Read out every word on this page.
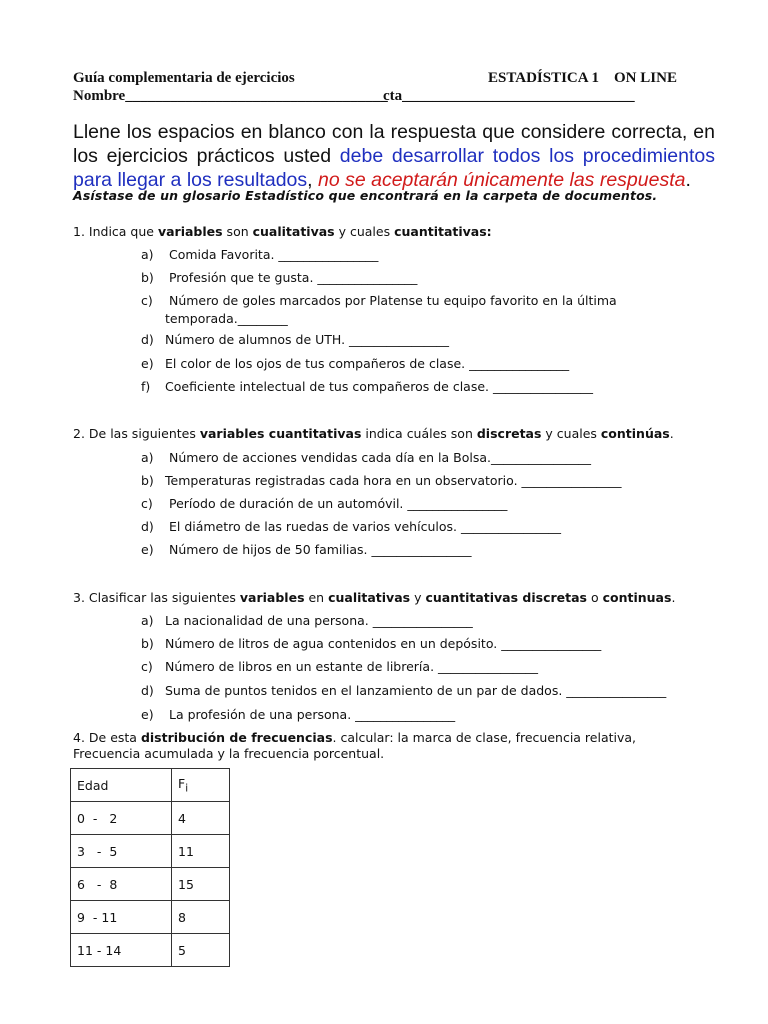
Guía complementaria de ejercicios	ESTADÍSTICA 1    ON LINE
Nombre___________________________________
cta_______________________________
Llene los espacios en blanco con la respuesta que considere correcta, en los ejercicios prácticos usted debe desarrollar todos los procedimientos para llegar a los resultados, no se aceptarán únicamente las respuesta.
Asístase de un glosario Estadístico que encontrará en la carpeta de documentos.
1. Indica que variables son cualitativas y cuales cuantitativas:
a) Comida Favorita. ________________
b) Profesión que te gusta. ________________
c) Número de goles marcados por Platense tu equipo favorito en la última
temporada.________
d) Número de alumnos de UTH. ________________
e) El color de los ojos de tus compañeros de clase. ________________
f) Coeficiente intelectual de tus compañeros de clase. ________________
2. De las siguientes variables cuantitativas indica cuáles son discretas y cuales continúas.
a) Número de acciones vendidas cada día en la Bolsa.________________
b) Temperaturas registradas cada hora en un observatorio. ________________
c) Período de duración de un automóvil. ________________
d) El diámetro de las ruedas de varios vehículos. ________________
e) Número de hijos de 50 familias. ________________
3. Clasificar las siguientes variables en cualitativas y cuantitativas discretas o continuas.
a) La nacionalidad de una persona. ________________
b) Número de litros de agua contenidos en un depósito. ________________
c) Número de libros en un estante de librería. ________________
d) Suma de puntos tenidos en el lanzamiento de un par de dados. ________________
e) La profesión de una persona. ________________
4. De esta distribución de frecuencias. calcular: la marca de clase, frecuencia relativa, Frecuencia acumulada y la frecuencia porcentual.
Edad	$F_i$
0  -   2	4
3   -  5	11
6   -  8	15
9  - 11	8
11 - 14	5
